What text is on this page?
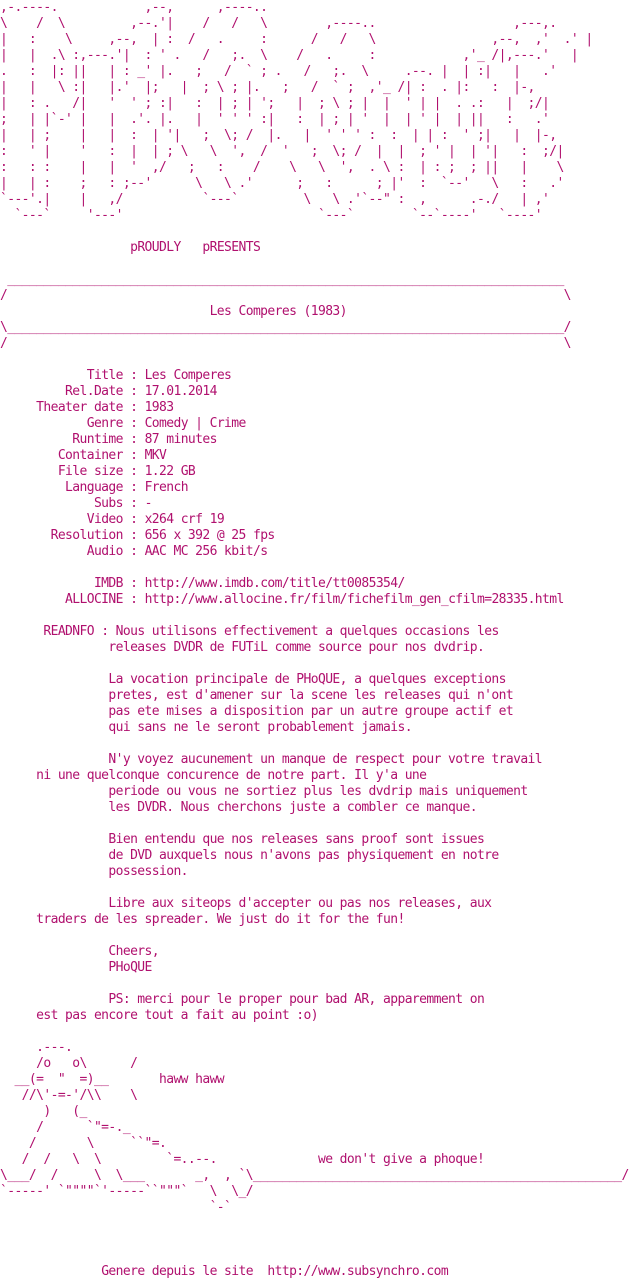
,-.----.            ,--,      ,----..
\    /  \         ,--.'|    /   /   \        ,----..                   ,---,.
|   :    \     ,--,  | :  /   .     :      /   /   \                ,--,  ,'  .' |
|   |  .\ :,---.'|  : ' .   /   ;.  \    /   .     :            ,'_ /|,---.'   |
.   :  |: ||   | : _' |.   ;   /  ` ; .   /   ;.  \     .--. |  | :|   |   .'
|   |   \ :|   |.'  |;   |  ; \ ; |.   ;   /  ` ;  ,'_ /| :  . |:   :  |-,
|   : .   /|   '  ' ; :|   :  | ; | ';   |  ; \ ; |  |  ' | |  . .:   |  ;/|
;   | |`-' |   |  .'. |.   |  ' ' ' :|   :  | ; | '  |  | ' |  | ||   :   .'
|   | ;    |   |  :  | '|   ;  \; /  |.   |  ' ' ' :  :  | | :  ' ;|   |  |-,
:   ' |    '   :  |  | ; \   \  ',  /  '   ;  \; /  |  |  ; ' |  | '|   :  ;/|
:   : :    |   |  '  ,/   ;   :    /    \   \  ',  . \ :  | : ;  ; ||   |    \
|   | :    ;   : ;--'      \   \ .'      ;   :      ; |'  :  `--'   \   :   .'
`---'.|    |   ,/           `---`         \   \ .'`--" :  ,      .-./   | ,'
`---`     '---'                           `---`        `--`----'   `----'

pROUDLY   pRESENTS

_____________________________________________________________________________
/                                                                             \
Les Comperes (1983)
\_____________________________________________________________________________/
/                                                                             \

Title : Les Comperes
Rel.Date : 17.01.2014
Theater date : 1983
Genre : Comedy | Crime
Runtime : 87 minutes
Container : MKV
File size : 1.22 GB
Language : French
Subs : -
Video : x264 crf 19
Resolution : 656 x 392 @ 25 fps
Audio : AAC MC 256 kbit/s

IMDB : http://www.imdb.com/title/tt0085354/
ALLOCINE : http://www.allocine.fr/film/fichefilm_gen_cfilm=28335.html

READNFO : Nous utilisons effectivement a quelques occasions les
releases DVDR de FUTiL comme source pour nos dvdrip.

La vocation principale de PHoQUE, a quelques exceptions
pretes, est d'amener sur la scene les releases qui n'ont
pas ete mises a disposition par un autre groupe actif et
qui sans ne le seront probablement jamais.

N'y voyez aucunement un manque de respect pour votre travail
ni une quelconque concurence de notre part. Il y'a une
periode ou vous ne sortiez plus les dvdrip mais uniquement
les DVDR. Nous cherchons juste a combler ce manque.

Bien entendu que nos releases sans proof sont issues
de DVD auxquels nous n'avons pas physiquement en notre
possession.

Libre aux siteops d'accepter ou pas nos releases, aux
traders de les spreader. We just do it for the fun!

Cheers,
PHoQUE

PS: merci pour le proper pour bad AR, apparemment on
est pas encore tout a fait au point :o)

.---.
/o   o\      /
__(=  "  =)__       haww haww
//\'-=-'/\\    \
)   (_
/      `"=-._
/       \     ``"=.
/  /   \  \         `=..--.              we don't give a phoque!
\___/  /     \  \___       _,  , `\___________________________________________________/
`-----' `""""`'-----``"""`   \  \_/
`-`

Genere depuis le site  http://www.subsynchro.com
